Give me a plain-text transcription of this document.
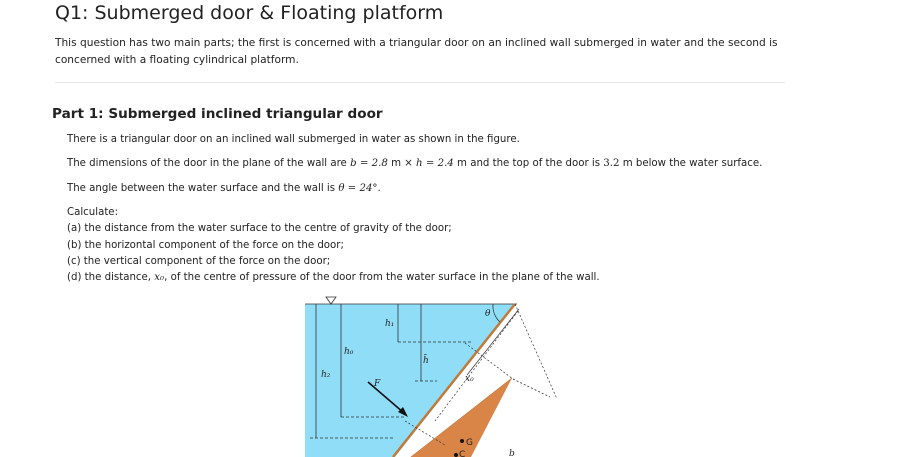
Q1: Submerged door & Floating platform
This question has two main parts; the first is concerned with a triangular door on an inclined wall submerged in water and the second is concerned with a floating cylindrical platform.
Part 1: Submerged inclined triangular door
There is a triangular door on an inclined wall submerged in water as shown in the figure.
The dimensions of the door in the plane of the wall are b = 2.8 m × h = 2.4 m and the top of the door is 3.2 m below the water surface.
The angle between the water surface and the wall is θ = 24°.
Calculate:
(a) the distance from the water surface to the centre of gravity of the door;
(b) the horizontal component of the force on the door;
(c) the vertical component of the force on the door;
(d) the distance, x₀, of the centre of pressure of the door from the water surface in the plane of the wall.
h₁
h₀
h̄
h₂
F	x₀
θ
G
C	b
